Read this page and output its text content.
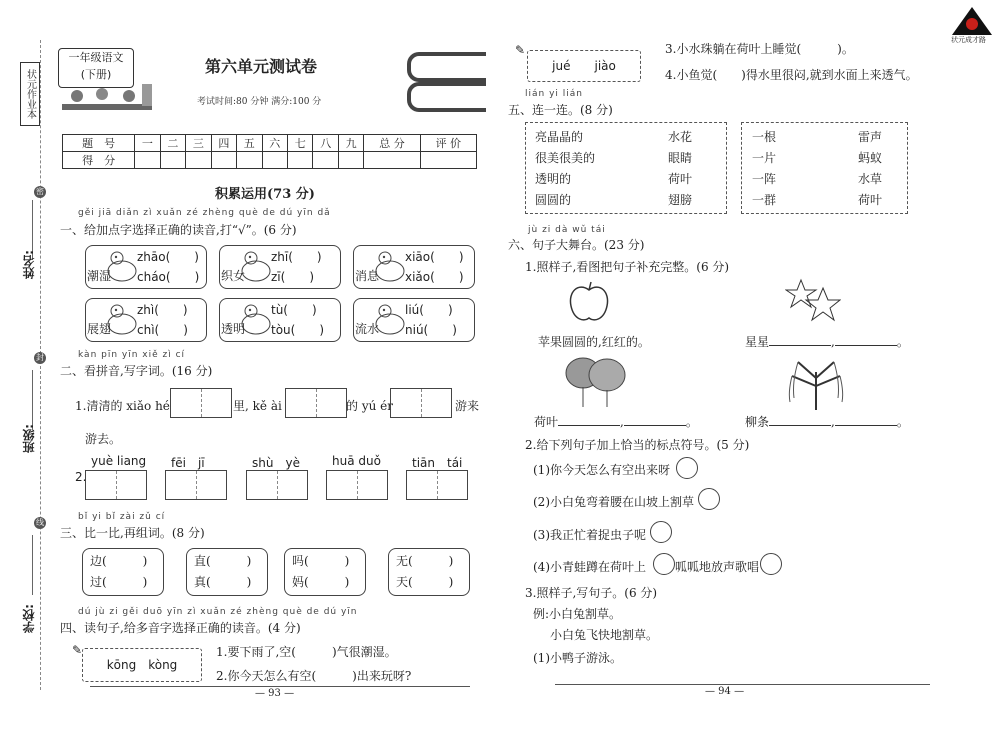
状元作业本
密
姓名:
封
班级:
线
学校:
一年级语文
(下册)	第六单元测试卷
考试时间:80 分钟 满分:100 分
题　号	一	二	三	四	五	六	七	八	九	总 分	评 价
得　分											
积累运用(73 分)
gěi jiā diǎn zì xuǎn zé zhèng què de dú yīn dǎ
一、给加点字选择正确的读音,打“√”。(6 分)
潮湿
zhāo(　　)
cháo(　　) 织女
zhī(　　)
zī(　　)	消息
xiāo(　　)
xiǎo(　　)
展翅
zhì(　　)
chì(　　)	透明
tù(　　)
tòu(　　)	流水
liú(　　)
niú(　　)
kàn pīn yīn xiě zì cí
二、看拼音,写字词。(16 分)
1.清清的 xiǎo hé	里, kě ài	的 yú ér	游来
游去。
2.
yuè liang fēi　jī	shù　yè	huā duǒ	tiān　tái
bǐ yi bǐ zài zǔ cí
三、比一比,再组词。(8 分)
边(　　　)
过(　　　)
直(　　　)
真(　　　)
吗(　　　)
妈(　　　)
无(　　　)
天(　　　)
dú jù zi gěi duō yīn zì xuǎn zé zhèng què de dú yīn
四、读句子,给多音字选择正确的读音。(4 分)
kōng　kòng
✎	1.要下雨了,空(　　　)气很潮湿。
2.你今天怎么有空(　　　)出来玩呀?
— 93 —
✎
jué　　jiào
3.小水珠躺在荷叶上睡觉(　　　)。
4.小鱼觉(　　)得水里很闷,就到水面上来透气。
lián yi lián
五、连一连。(8 分)
亮晶晶的	水花
很美很美的	眼睛
透明的	荷叶
圆圆的	翅膀
一根	雷声
一片	蚂蚁
一阵	水草
一群	荷叶
jù zi dà wǔ tái
六、句子大舞台。(23 分)
1.照样子,看图把句子补充完整。(6 分)
苹果圆圆的,红红的。	星星	,	。
荷叶	,	。	柳条	,	。
2.给下列句子加上恰当的标点符号。(5 分)
(1)你今天怎么有空出来呀
(2)小白兔弯着腰在山坡上割草
(3)我正忙着捉虫子呢
(4)小青蛙蹲在荷叶上 呱呱地放声歌唱
3.照样子,写句子。(6 分)
例:小白兔割草。
小白兔飞快地割草。
(1)小鸭子游泳。
— 94 —
状元成才路
